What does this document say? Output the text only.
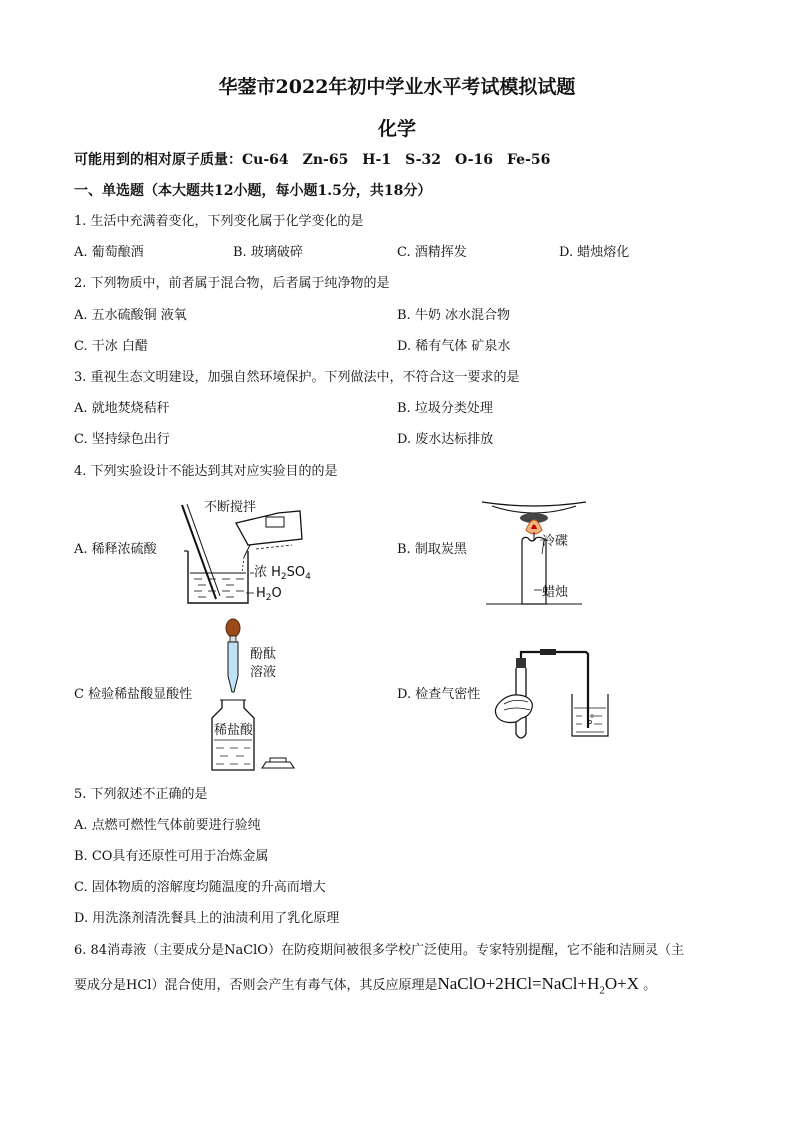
华蓥市2022年初中学业水平考试模拟试题
化学
可能用到的相对原子质量：Cu-64　Zn-65　H-1　S-32　O-16　Fe-56
一、单选题（本大题共12小题，每小题1.5分，共18分）
1. 生活中充满着变化，下列变化属于化学变化的是
A. 葡萄酿酒	B. 玻璃破碎	C. 酒精挥发	D. 蜡烛熔化
2. 下列物质中，前者属于混合物，后者属于纯净物的是
A. 五水硫酸铜 液氧	B. 牛奶 冰水混合物
C. 干冰 白醋	D. 稀有气体 矿泉水
3. 重视生态文明建设，加强自然环境保护。下列做法中，不符合这一要求的是
A. 就地焚烧秸秆	B. 垃圾分类处理
C. 坚持绿色出行	D. 废水达标排放
4. 下列实验设计不能达到其对应实验目的的是
A. 稀释浓硫酸	B. 制取炭黑
C 检验稀盐酸显酸性	D. 检查气密性
不断搅拌
浓 $H_2SO_4$
$H_2O$
冷碟
蜡烛
酚酞
溶液
稀盐酸
5. 下列叙述不正确的是
A. 点燃可燃性气体前要进行验纯
B. CO具有还原性可用于冶炼金属
C. 固体物质的溶解度均随温度的升高而增大
D. 用洗涤剂清洗餐具上的油渍利用了乳化原理
6. 84消毒液（主要成分是NaClO）在防疫期间被很多学校广泛使用。专家特别提醒，它不能和洁厕灵（主
要成分是HCl）混合使用，否则会产生有毒气体，其反应原理是$NaClO+2HCl=NaCl+H_2O+X$ 。
